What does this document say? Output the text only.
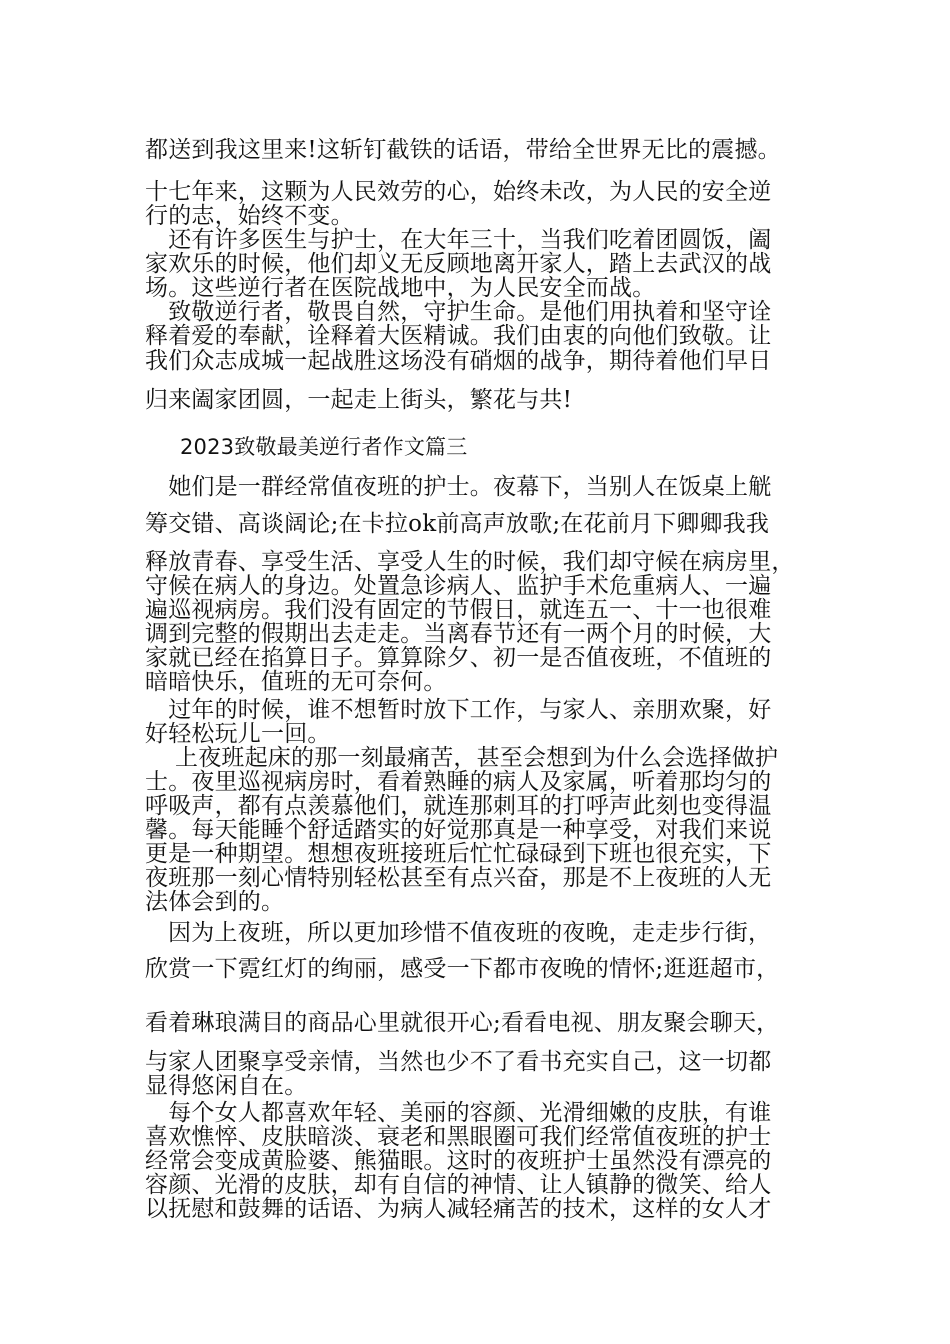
都送到我这里来!这斩钉截铁的话语，带给全世界无比的震撼。
十七年来，这颗为人民效劳的心，始终未改，为人民的安全逆
行的志，始终不变。
　还有许多医生与护士，在大年三十，当我们吃着团圆饭，阖
家欢乐的时候，他们却义无反顾地离开家人，踏上去武汉的战
场。这些逆行者在医院战地中，为人民安全而战。
　致敬逆行者，敬畏自然，守护生命。是他们用执着和坚守诠
释着爱的奉献，诠释着大医精诚。我们由衷的向他们致敬。让
我们众志成城一起战胜这场没有硝烟的战争，期待着他们早日
归来阖家团圆，一起走上街头，繁花与共!
2023致敬最美逆行者作文篇三
　她们是一群经常值夜班的护士。夜幕下，当别人在饭桌上觥
筹交错、高谈阔论;在卡拉ok前高声放歌;在花前月下卿卿我我
释放青春、享受生活、享受人生的时候，我们却守候在病房里，
守候在病人的身边。处置急诊病人、监护手术危重病人、一遍
遍巡视病房。我们没有固定的节假日，就连五一、十一也很难
调到完整的假期出去走走。当离春节还有一两个月的时候，大
家就已经在掐算日子。算算除夕、初一是否值夜班，不值班的
暗暗快乐，值班的无可奈何。
　过年的时候，谁不想暂时放下工作，与家人、亲朋欢聚，好
好轻松玩儿一回。
上夜班起床的那一刻最痛苦，甚至会想到为什么会选择做护
士。夜里巡视病房时，看着熟睡的病人及家属，听着那均匀的
呼吸声，都有点羡慕他们，就连那刺耳的打呼声此刻也变得温
馨。每天能睡个舒适踏实的好觉那真是一种享受，对我们来说
更是一种期望。想想夜班接班后忙忙碌碌到下班也很充实，下
夜班那一刻心情特别轻松甚至有点兴奋，那是不上夜班的人无
法体会到的。
因为上夜班，所以更加珍惜不值夜班的夜晚，走走步行街，
欣赏一下霓红灯的绚丽，感受一下都市夜晚的情怀;逛逛超市，
看着琳琅满目的商品心里就很开心;看看电视、朋友聚会聊天，
与家人团聚享受亲情，当然也少不了看书充实自己，这一切都
显得悠闲自在。
　每个女人都喜欢年轻、美丽的容颜、光滑细嫩的皮肤，有谁
喜欢憔悴、皮肤暗淡、衰老和黑眼圈可我们经常值夜班的护士
经常会变成黄脸婆、熊猫眼。这时的夜班护士虽然没有漂亮的
容颜、光滑的皮肤，却有自信的神情、让人镇静的微笑、给人
以抚慰和鼓舞的话语、为病人减轻痛苦的技术，这样的女人才
